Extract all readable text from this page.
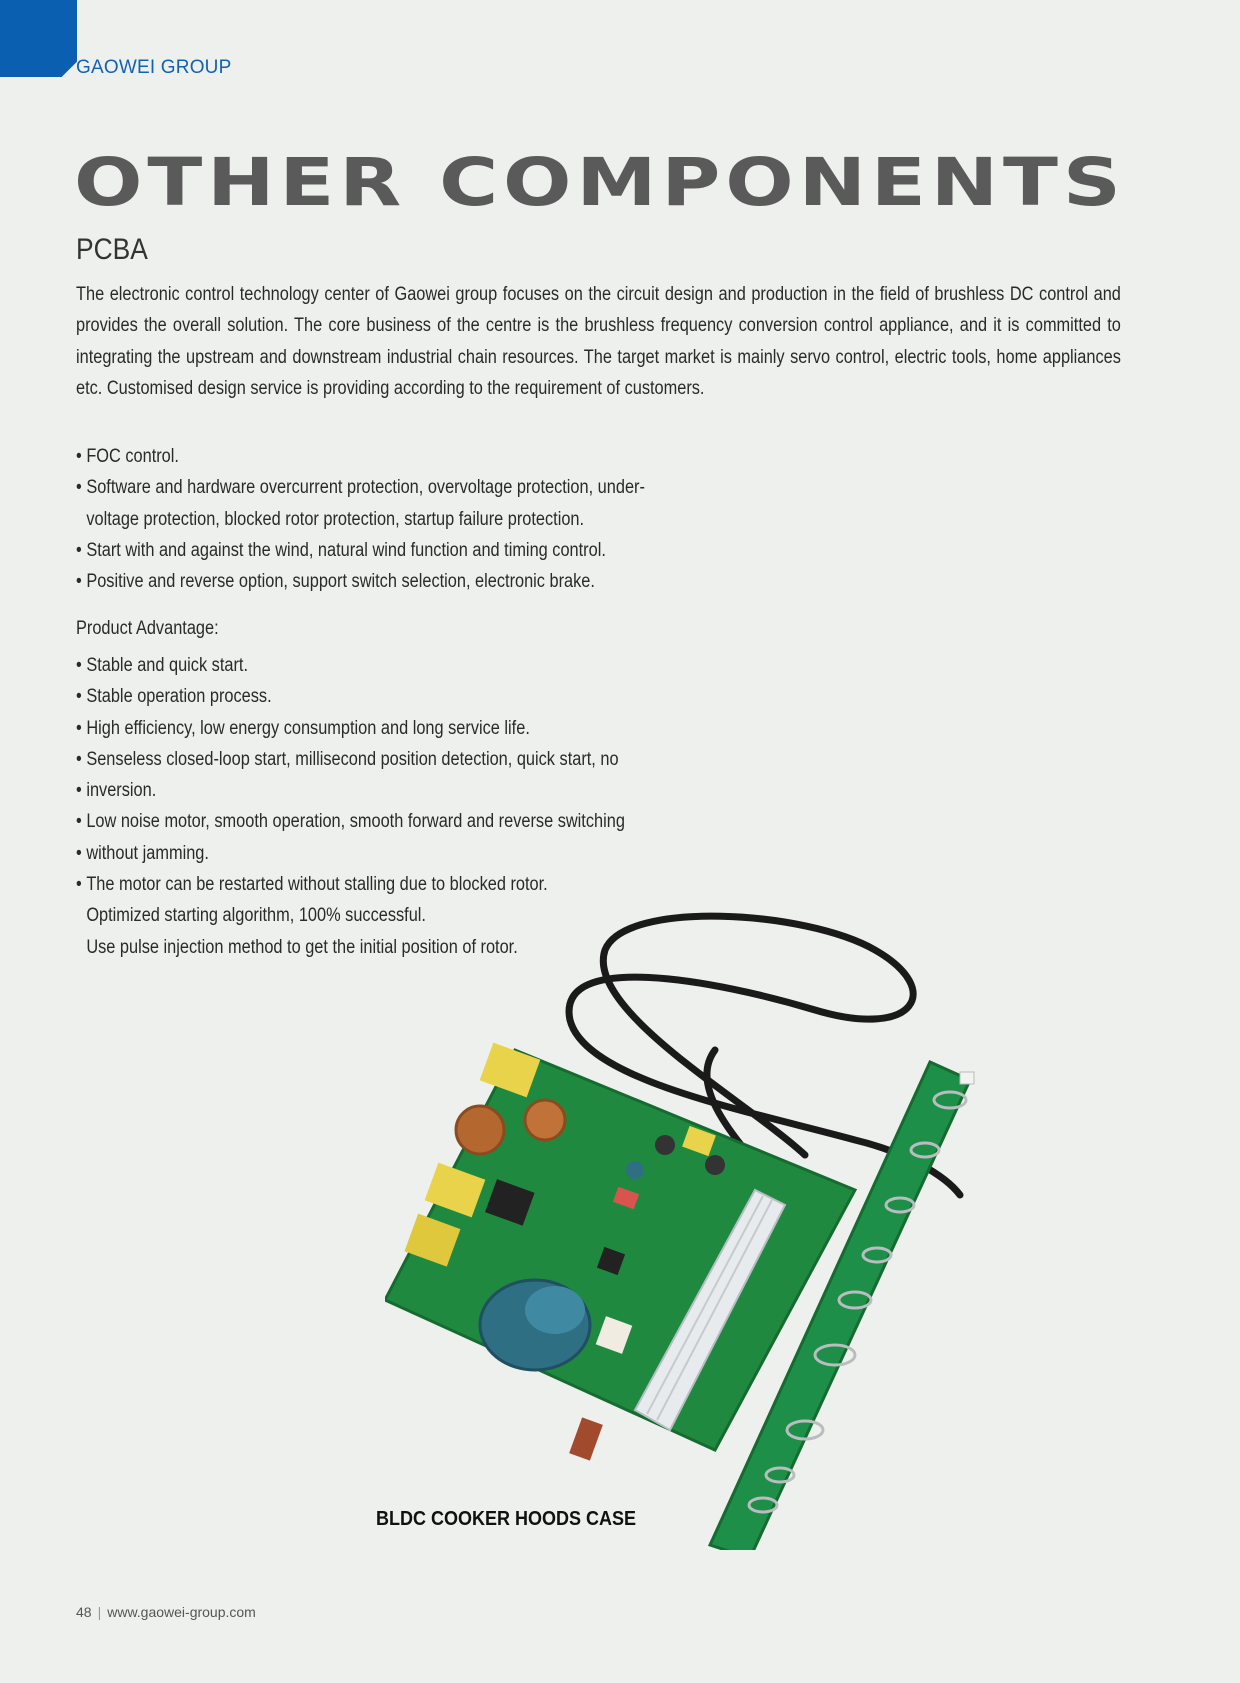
GAOWEI GROUP
OTHER COMPONENTS
PCBA

The electronic control technology center of Gaowei group focuses on the circuit design and production in the field of brushless DC control and provides the overall solution. The core business of the centre is the brushless frequency conversion control appliance, and it is committed to integrating the upstream and downstream industrial chain resources. The target market is mainly servo control, electric tools, home appliances etc. Customised design service is providing according to the requirement of customers.

• FOC control.
• Software and hardware overcurrent protection, overvoltage protection, under-voltage protection, blocked rotor protection, startup failure protection.
• Start with and against the wind, natural wind function and timing control.
• Positive and reverse option, support switch selection, electronic brake.
Product Advantage:
• Stable and quick start.
• Stable operation process.
• High efficiency, low energy consumption and long service life.
• Senseless closed-loop start, millisecond position detection, quick start, no
• inversion.
• Low noise motor, smooth operation, smooth forward and reverse switching
• without jamming.
• The motor can be restarted without stalling due to blocked rotor.
Optimized starting algorithm, 100% successful.
Use pulse injection method to get the initial position of rotor.
BLDC COOKER HOODS CASE
48 | www.gaowei-group.com
